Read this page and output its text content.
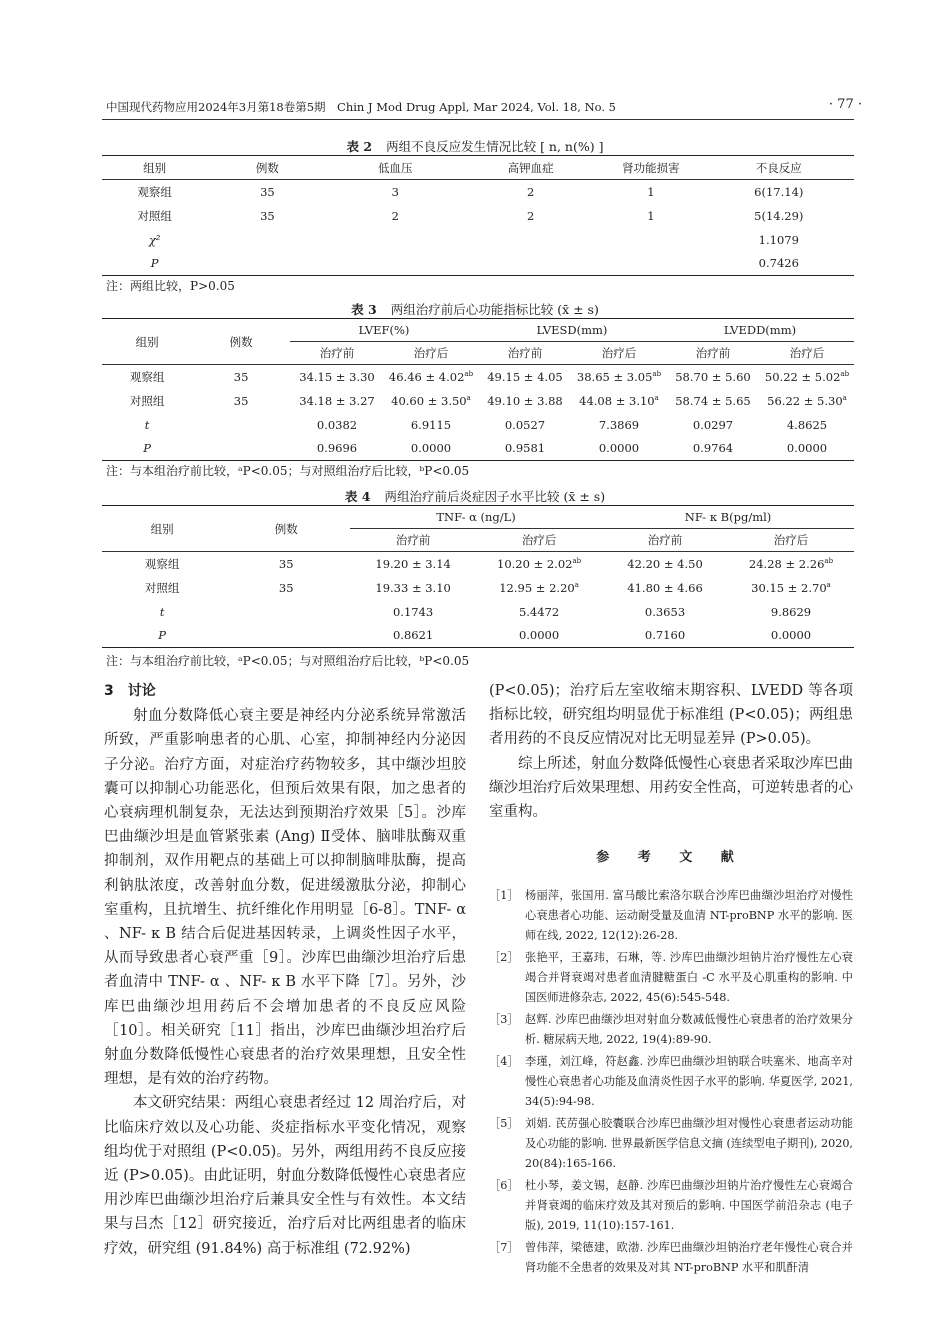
中国现代药物应用2024年3月第18卷第5期　Chin J Mod Drug Appl, Mar 2024, Vol. 18, No. 5	· 77 ·
表 2 两组不良反应发生情况比较 [ n, n(%) ]
组别	例数	低血压	高钾血症	肾功能损害	不良反应
观察组	35	3	2	1	6(17.14)
对照组	35	2	2	1	5(14.29)
χ²					1.1079
P					0.7426
注：两组比较，P>0.05
表 3 两组治疗前后心功能指标比较 (x̄ ± s)
组别	例数	LVEF(%)		LVESD(mm)		LVEDD(mm)	
		治疗前	治疗后	治疗前	治疗后	治疗前	治疗后
观察组	35	34.15 ± 3.30	46.46 ± 4.02$^{ab}$	49.15 ± 4.05	38.65 ± 3.05$^{ab}$	58.70 ± 5.60	50.22 ± 5.02$^{ab}$
对照组	35	34.18 ± 3.27	40.60 ± 3.50$^a$	49.10 ± 3.88	44.08 ± 3.10$^a$	58.74 ± 5.65	56.22 ± 5.30$^a$
t		0.0382	6.9115	0.0527	7.3869	0.0297	4.8625
P		0.9696	0.0000	0.9581	0.0000	0.9764	0.0000
注：与本组治疗前比较，ᵃP<0.05；与对照组治疗后比较，ᵇP<0.05
表 4 两组治疗前后炎症因子水平比较 (x̄ ± s)
组别	例数	TNF- α (ng/L)		NF- κ B(pg/ml)	
		治疗前	治疗后	治疗前	治疗后
观察组	35	19.20 ± 3.14	10.20 ± 2.02$^{ab}$	42.20 ± 4.50	24.28 ± 2.26$^{ab}$
对照组	35	19.33 ± 3.10	12.95 ± 2.20$^a$	41.80 ± 4.66	30.15 ± 2.70$^a$
t		0.1743	5.4472	0.3653	9.8629
P		0.8621	0.0000	0.7160	0.0000
注：与本组治疗前比较，ᵃP<0.05；与对照组治疗后比较，ᵇP<0.05

3　讨论

射血分数降低心衰主要是神经内分泌系统异常激活所致，严重影响患者的心肌、心室，抑制神经内分泌因子分泌。治疗方面，对症治疗药物较多，其中缬沙坦胶囊可以抑制心功能恶化，但预后效果有限，加之患者的心衰病理机制复杂，无法达到预期治疗效果［5］。沙库巴曲缬沙坦是血管紧张素 (Ang) Ⅱ受体、脑啡肽酶双重抑制剂，双作用靶点的基础上可以抑制脑啡肽酶，提高利钠肽浓度，改善射血分数，促进缓激肽分泌，抑制心室重构，且抗增生、抗纤维化作用明显［6-8］。TNF- α 、NF- κ B 结合后促进基因转录，上调炎性因子水平，从而导致患者心衰严重［9］。沙库巴曲缬沙坦治疗后患者血清中 TNF- α 、NF- κ B 水平下降［7］。另外，沙库巴曲缬沙坦用药后不会增加患者的不良反应风险［10］。相关研究［11］指出，沙库巴曲缬沙坦治疗后射血分数降低慢性心衰患者的治疗效果理想，且安全性理想，是有效的治疗药物。

本文研究结果：两组心衰患者经过 12 周治疗后，对比临床疗效以及心功能、炎症指标水平变化情况，观察组均优于对照组 (P<0.05)。另外，两组用药不良反应接近 (P>0.05)。由此证明，射血分数降低慢性心衰患者应用沙库巴曲缬沙坦治疗后兼具安全性与有效性。本文结果与吕杰［12］研究接近，治疗后对比两组患者的临床疗效，研究组 (91.84%) 高于标准组 (72.92%)

(P<0.05)；治疗后左室收缩末期容积、LVEDD 等各项指标比较，研究组均明显优于标准组 (P<0.05)；两组患者用药的不良反应情况对比无明显差异 (P>0.05)。

综上所述，射血分数降低慢性心衰患者采取沙库巴曲缬沙坦治疗后效果理想、用药安全性高，可逆转患者的心室重构。

参 考 文 献
［1］ 杨丽萍，张国用. 富马酸比索洛尔联合沙库巴曲缬沙坦治疗对慢性心衰患者心功能、运动耐受量及血清 NT-proBNP 水平的影响. 医师在线, 2022, 12(12):26-28.
［2］ 张艳平，王嘉玮，石琳，等. 沙库巴曲缬沙坦钠片治疗慢性左心衰竭合并肾衰竭对患者血清腱糖蛋白 -C 水平及心肌重构的影响. 中国医师进修杂志, 2022, 45(6):545-548.
［3］ 赵辉. 沙库巴曲缬沙坦对射血分数减低慢性心衰患者的治疗效果分析. 糖尿病天地, 2022, 19(4):89-90.
［4］ 李瑾，刘江峰，符赵鑫. 沙库巴曲缬沙坦钠联合呋塞米、地高辛对慢性心衰患者心功能及血清炎性因子水平的影响. 华夏医学, 2021, 34(5):94-98.
［5］ 刘娟. 芪苈强心胶囊联合沙库巴曲缬沙坦对慢性心衰患者运动功能及心功能的影响. 世界最新医学信息文摘 (连续型电子期刊), 2020, 20(84):165-166.
［6］ 杜小琴，姜文锡，赵静. 沙库巴曲缬沙坦钠片治疗慢性左心衰竭合并肾衰竭的临床疗效及其对预后的影响. 中国医学前沿杂志 (电子版), 2019, 11(10):157-161.
［7］ 曾伟萍，梁德建，欧渤. 沙库巴曲缬沙坦钠治疗老年慢性心衰合并肾功能不全患者的效果及对其 NT-proBNP 水平和肌酐清
